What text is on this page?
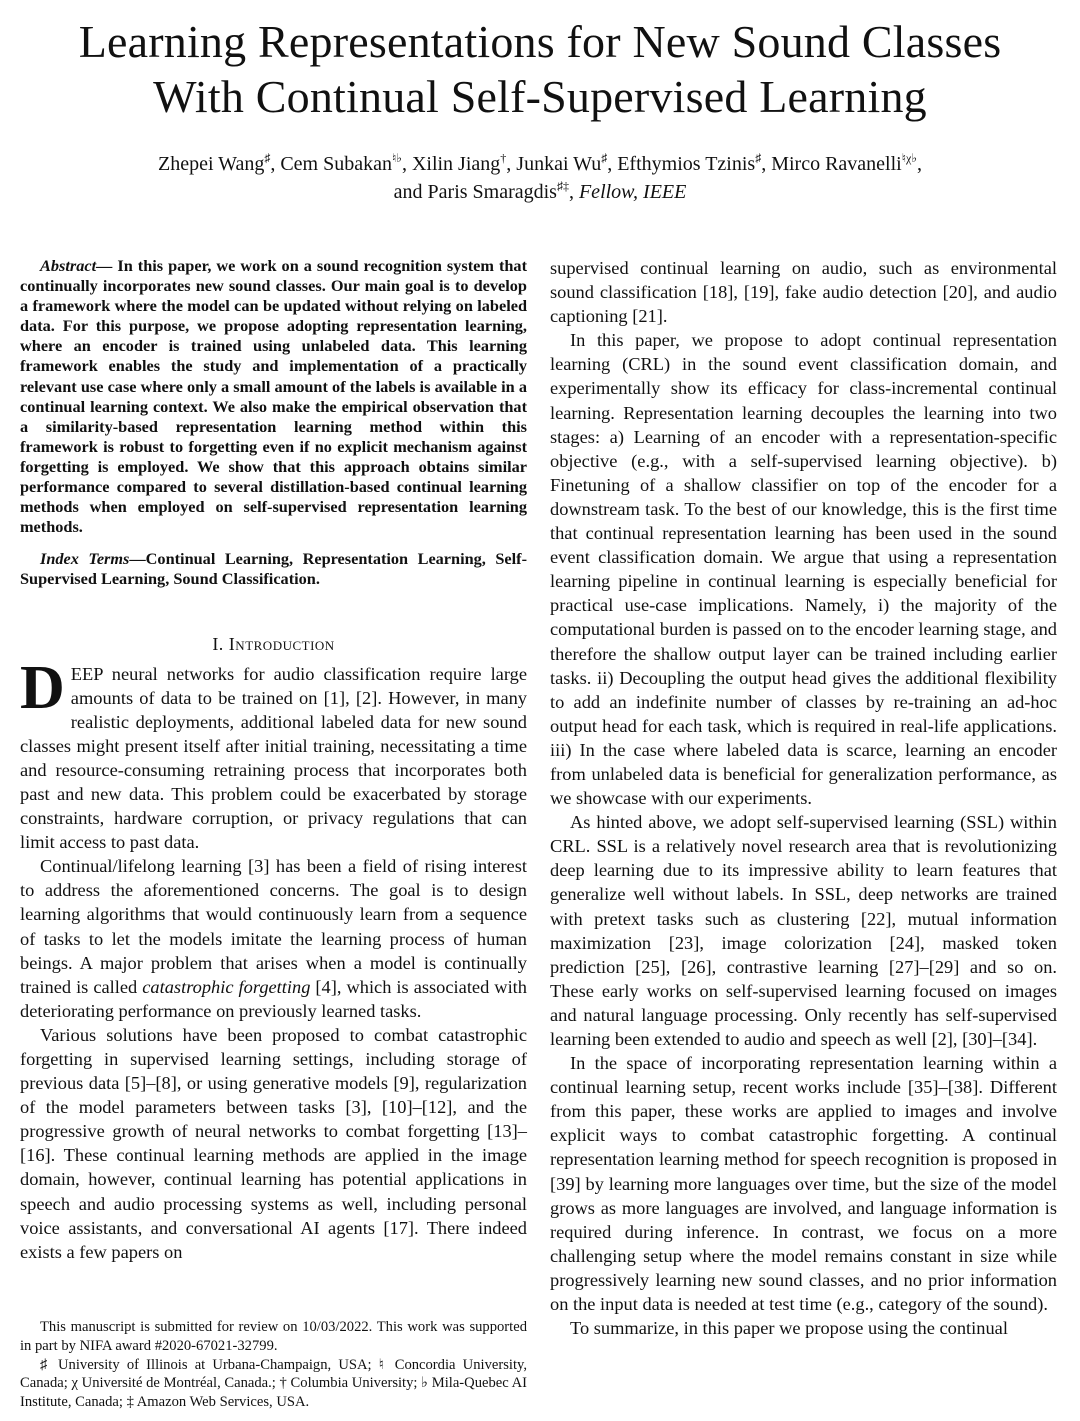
Learning Representations for New Sound Classes
With Continual Self-Supervised Learning
Zhepei Wang♯, Cem Subakan♮♭, Xilin Jiang†, Junkai Wu♯, Efthymios Tzinis♯, Mirco Ravanelli$^{♮\chi♭}$,
and Paris Smaragdis♯‡, Fellow, IEEE

Abstract— In this paper, we work on a sound recognition system that continually incorporates new sound classes. Our main goal is to develop a framework where the model can be updated without relying on labeled data. For this purpose, we propose adopting representation learning, where an encoder is trained using unlabeled data. This learning framework enables the study and implementation of a practically relevant use case where only a small amount of the labels is available in a continual learning context. We also make the empirical observation that a similarity-based representation learning method within this framework is robust to forgetting even if no explicit mechanism against forgetting is employed. We show that this approach obtains similar performance compared to several distillation-based continual learning methods when employed on self-supervised representation learning methods.

Index Terms—Continual Learning, Representation Learning, Self-Supervised Learning, Sound Classification.

I. Introduction

DEEP neural networks for audio classification require large amounts of data to be trained on [1], [2]. However, in many realistic deployments, additional labeled data for new sound classes might present itself after initial training, necessitating a time and resource-consuming retraining process that incorporates both past and new data. This problem could be exacerbated by storage constraints, hardware corruption, or privacy regulations that can limit access to past data.

Continual/lifelong learning [3] has been a field of rising interest to address the aforementioned concerns. The goal is to design learning algorithms that would continuously learn from a sequence of tasks to let the models imitate the learning process of human beings. A major problem that arises when a model is continually trained is called catastrophic forgetting [4], which is associated with deteriorating performance on previously learned tasks.

Various solutions have been proposed to combat catastrophic forgetting in supervised learning settings, including storage of previous data [5]–[8], or using generative models [9], regularization of the model parameters between tasks [3], [10]–[12], and the progressive growth of neural networks to combat forgetting [13]–[16]. These continual learning methods are applied in the image domain, however, continual learning has potential applications in speech and audio processing systems as well, including personal voice assistants, and conversational AI agents [17]. There indeed exists a few papers on

supervised continual learning on audio, such as environmental sound classification [18], [19], fake audio detection [20], and audio captioning [21].

In this paper, we propose to adopt continual representation learning (CRL) in the sound event classification domain, and experimentally show its efficacy for class-incremental continual learning. Representation learning decouples the learning into two stages: a) Learning of an encoder with a representation-specific objective (e.g., with a self-supervised learning objective). b) Finetuning of a shallow classifier on top of the encoder for a downstream task. To the best of our knowledge, this is the first time that continual representation learning has been used in the sound event classification domain. We argue that using a representation learning pipeline in continual learning is especially beneficial for practical use-case implications. Namely, i) the majority of the computational burden is passed on to the encoder learning stage, and therefore the shallow output layer can be trained including earlier tasks. ii) Decoupling the output head gives the additional flexibility to add an indefinite number of classes by re-training an ad-hoc output head for each task, which is required in real-life applications. iii) In the case where labeled data is scarce, learning an encoder from unlabeled data is beneficial for generalization performance, as we showcase with our experiments.

As hinted above, we adopt self-supervised learning (SSL) within CRL. SSL is a relatively novel research area that is revolutionizing deep learning due to its impressive ability to learn features that generalize well without labels. In SSL, deep networks are trained with pretext tasks such as clustering [22], mutual information maximization [23], image colorization [24], masked token prediction [25], [26], contrastive learning [27]–[29] and so on. These early works on self-supervised learning focused on images and natural language processing. Only recently has self-supervised learning been extended to audio and speech as well [2], [30]–[34].

In the space of incorporating representation learning within a continual learning setup, recent works include [35]–[38]. Different from this paper, these works are applied to images and involve explicit ways to combat catastrophic forgetting. A continual representation learning method for speech recognition is proposed in [39] by learning more languages over time, but the size of the model grows as more languages are involved, and language information is required during inference. In contrast, we focus on a more challenging setup where the model remains constant in size while progressively learning new sound classes, and no prior information on the input data is needed at test time (e.g., category of the sound).

To summarize, in this paper we propose using the continual

This manuscript is submitted for review on 10/03/2022. This work was supported in part by NIFA award #2020-67021-32799.

♯ University of Illinois at Urbana-Champaign, USA; ♮ Concordia University, Canada; χ Université de Montréal, Canada.; † Columbia University; ♭ Mila-Quebec AI Institute, Canada; ‡ Amazon Web Services, USA.
